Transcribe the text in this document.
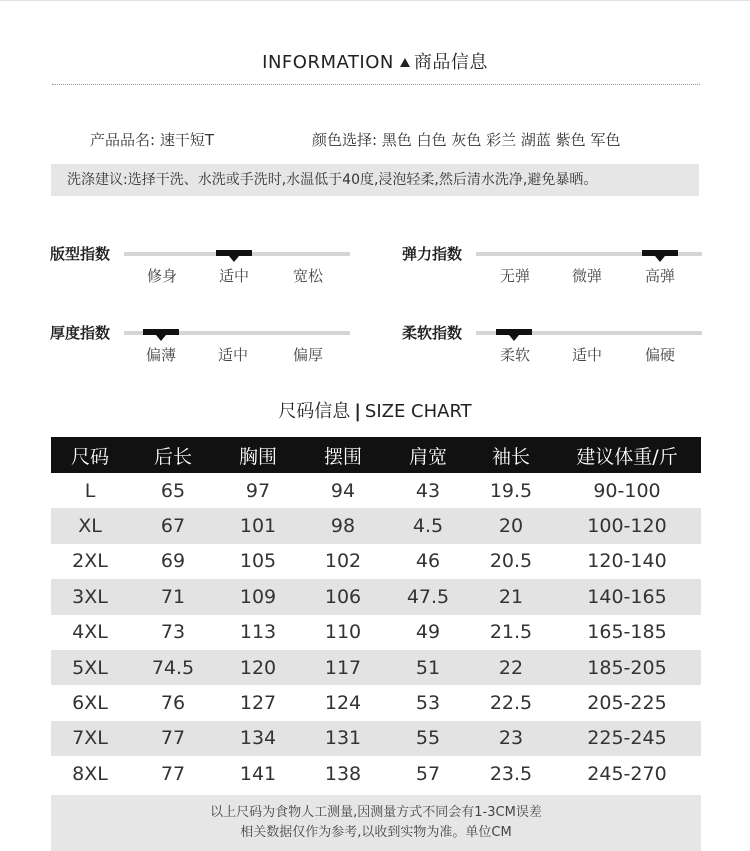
INFORMATION 商品信息
产品品名: 速干短T	颜色选择: 黑色 白色 灰色 彩兰 湖蓝 紫色 军色
洗涤建议:选择干洗、水洗或手洗时,水温低于40度,浸泡轻柔,然后清水洗净,避免暴晒。
版型指数
修身	适中	宽松
弹力指数
无弹	微弹	高弹
厚度指数
偏薄	适中	偏厚
柔软指数
柔软	适中	偏硬
尺码信息 | SIZE CHART
尺码	后长	胸围	摆围	肩宽	袖长	建议体重/斤
L	65	97	94	43	19.5	90-100
XL	67	101	98	4.5	20	100-120
2XL	69	105	102	46	20.5	120-140
3XL	71	109	106	47.5	21	140-165
4XL	73	113	110	49	21.5	165-185
5XL	74.5	120	117	51	22	185-205
6XL	76	127	124	53	22.5	205-225
7XL	77	134	131	55	23	225-245
8XL	77	141	138	57	23.5	245-270
以上尺码为食物人工测量,因测量方式不同会有1-3CM误差
相关数据仅作为参考,以收到实物为准。单位CM
